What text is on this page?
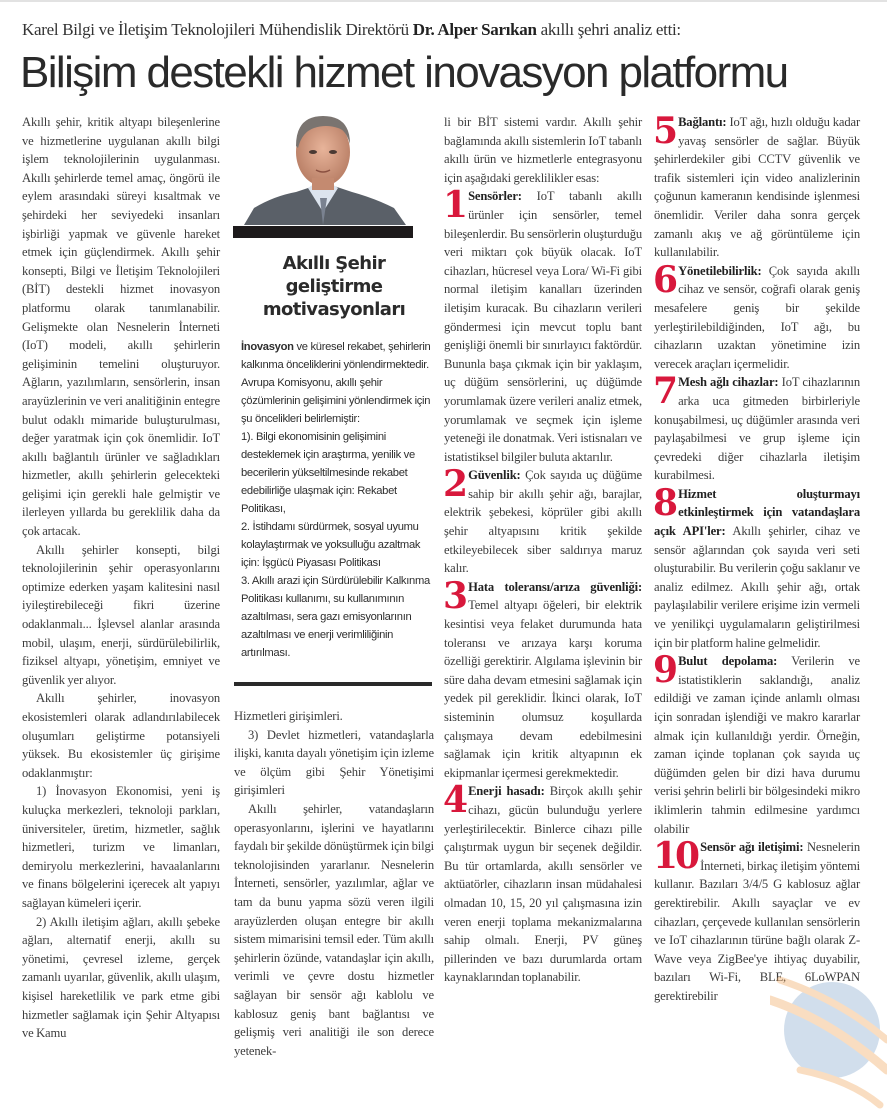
Karel Bilgi ve İletişim Teknolojileri Mühendislik Direktörü Dr. Alper Sarıkan akıllı şehri analiz etti:
Bilişim destekli hizmet inovasyon platformu

Akıllı şehir, kritik altyapı bileşenlerine ve hizmetlerine uygulanan akıllı bilgi işlem teknolojilerinin uygulanması. Akıllı şehirlerde temel amaç, öngörü ile eylem arasındaki süreyi kısaltmak ve şehirdeki her seviyedeki insanları işbirliği yapmak ve güvenle hareket etmek için güçlendirmek. Akıllı şehir konsepti, Bilgi ve İletişim Teknolojileri (BİT) destekli hizmet inovasyon platformu olarak tanımlanabilir. Gelişmekte olan Nesnelerin İnterneti (IoT) modeli, akıllı şehirlerin gelişiminin temelini oluşturuyor. Ağların, yazılımların, sensörlerin, insan arayüzlerinin ve veri analitiğinin entegre bulut odaklı mimaride buluşturulması, değer yaratmak için çok önemlidir. IoT akıllı bağlantılı ürünler ve sağladıkları hizmetler, akıllı şehirlerin gelecekteki gelişimi için gerekli hale gelmiştir ve ilerleyen yıllarda bu gereklilik daha da çok artacak.

Akıllı şehirler konsepti, bilgi teknolojilerinin şehir operasyonlarını optimize ederken yaşam kalitesini nasıl iyileştirebileceği fikri üzerine odaklanmalı... İşlevsel alanlar arasında mobil, ulaşım, enerji, sürdürülebilirlik, fiziksel altyapı, yönetişim, emniyet ve güvenlik yer alıyor.

Akıllı şehirler, inovasyon ekosistemleri olarak adlandırılabilecek oluşumları geliştirme potansiyeli yüksek. Bu ekosistemler üç girişime odaklanmıştır:

1) İnovasyon Ekonomisi, yeni iş kuluçka merkezleri, teknoloji parkları, üniversiteler, üretim, hizmetler, sağlık hizmetleri, turizm ve limanları, demiryolu merkezlerini, havaalanlarını ve finans bölgelerini içerecek alt yapıyı sağlayan kümeleri içerir.

2) Akıllı iletişim ağları, akıllı şebeke ağları, alternatif enerji, akıllı su yönetimi, çevresel izleme, gerçek zamanlı uyarılar, güvenlik, akıllı ulaşım, kişisel hareketlilik ve park etme gibi hizmetler sağlamak için Şehir Altyapısı ve Kamu

Akıllı Şehir
geliştirme
motivasyonları

İnovasyon ve küresel rekabet, şehirlerin kalkınma önceliklerini yönlendirmektedir. Avrupa Komisyonu, akıllı şehir çözümlerinin gelişimini yönlendirmek için şu öncelikleri belirlemiştir:

1). Bilgi ekonomisinin gelişimini desteklemek için araştırma, yenilik ve becerilerin yükseltilmesinde rekabet edebilirliğe ulaşmak için: Rekabet Politikası,

2. İstihdamı sürdürmek, sosyal uyumu kolaylaştırmak ve yoksulluğu azaltmak için: İşgücü Piyasası Politikası

3. Akıllı arazi için Sürdürülebilir Kalkınma Politikası kullanımı, su kullanımının azaltılması, sera gazı emisyonlarının azaltılması ve enerji verimliliğinin artırılması.

Hizmetleri girişimleri.

3) Devlet hizmetleri, vatandaşlarla ilişki, kanıta dayalı yönetişim için izleme ve ölçüm gibi Şehir Yönetişimi girişimleri

Akıllı şehirler, vatandaşların operasyonlarını, işlerini ve hayatlarını faydalı bir şekilde dönüştürmek için bilgi teknolojisinden yararlanır. Nesnelerin İnterneti, sensörler, yazılımlar, ağlar ve tam da bunu yapma sözü veren ilgili arayüzlerden oluşan entegre bir akıllı sistem mimarisini temsil eder. Tüm akıllı şehirlerin özünde, vatandaşlar için akıllı, verimli ve çevre dostu hizmetler sağlayan bir sensör ağı kablolu ve kablosuz geniş bant bağlantısı ve gelişmiş veri analitiği ile son derece yetenek-

li bir BİT sistemi vardır. Akıllı şehir bağlamında akıllı sistemlerin IoT tabanlı akıllı ürün ve hizmetlerle entegrasyonu için aşağıdaki gereklilikler esas:

1 Sensörler: IoT tabanlı akıllı ürünler için sensörler, temel bileşenlerdir. Bu sensörlerin oluşturduğu veri miktarı çok büyük olacak. IoT cihazları, hücresel veya Lora/ Wi-Fi gibi normal iletişim kanalları üzerinden iletişim kuracak. Bu cihazların verileri göndermesi için mevcut toplu bant genişliği önemli bir sınırlayıcı faktördür. Bununla başa çıkmak için bir yaklaşım, uç düğüm sensörlerini, uç düğümde yorumlamak üzere verileri analiz etmek, yorumlamak ve seçmek için işleme yeteneği ile donatmak. Veri istisnaları ve istatistiksel bilgiler buluta aktarılır.
2 Güvenlik: Çok sayıda uç düğüme sahip bir akıllı şehir ağı, barajlar, elektrik şebekesi, köprüler gibi akıllı şehir altyapısını kritik şekilde etkileyebilecek siber saldırıya maruz kalır.
3 Hata toleransı/arıza güvenliği: Temel altyapı öğeleri, bir elektrik kesintisi veya felaket durumunda hata toleransı ve arızaya karşı koruma özelliği gerektirir. Algılama işlevinin bir süre daha devam etmesini sağlamak için yedek pil gereklidir. İkinci olarak, IoT sisteminin olumsuz koşullarda çalışmaya devam edebilmesini sağlamak için kritik altyapının ek ekipmanlar içermesi gerekmektedir.
4 Enerji hasadı: Birçok akıllı şehir cihazı, gücün bulunduğu yerlere yerleştirilecektir. Binlerce cihazı pille çalıştırmak uygun bir seçenek değildir. Bu tür ortamlarda, akıllı sensörler ve aktüatörler, cihazların insan müdahalesi olmadan 10, 15, 20 yıl çalışmasına izin veren enerji toplama mekanizmalarına sahip olmalı. Enerji, PV güneş pillerinden ve bazı durumlarda ortam kaynaklarından toplanabilir.
5 Bağlantı: IoT ağı, hızlı olduğu kadar yavaş sensörler de sağlar. Büyük şehirlerdekiler gibi CCTV güvenlik ve trafik sistemleri için video analizlerinin çoğunun kameranın kendisinde işlenmesi önemlidir. Veriler daha sonra gerçek zamanlı akış ve ağ görüntüleme için kullanılabilir.
6 Yönetilebilirlik: Çok sayıda akıllı cihaz ve sensör, coğrafi olarak geniş mesafelere geniş bir şekilde yerleştirilebildiğinden, IoT ağı, bu cihazların uzaktan yönetimine izin verecek araçları içermelidir.
7 Mesh ağlı cihazlar: IoT cihazlarının arka uca gitmeden birbirleriyle konuşabilmesi, uç düğümler arasında veri paylaşabilmesi ve grup işleme için çevredeki diğer cihazlarla iletişim kurabilmesi.
8 Hizmet oluşturmayı etkinleştirmek için vatandaşlara açık API'ler: Akıllı şehirler, cihaz ve sensör ağlarından çok sayıda veri seti oluşturabilir. Bu verilerin çoğu saklanır ve analiz edilmez. Akıllı şehir ağı, ortak paylaşılabilir verilere erişime izin vermeli ve yenilikçi uygulamaların geliştirilmesi için bir platform haline gelmelidir.
9 Bulut depolama: Verilerin ve istatistiklerin saklandığı, analiz edildiği ve zaman içinde anlamlı olması için sonradan işlendiği ve makro kararlar almak için kullanıldığı yerdir. Örneğin, zaman içinde toplanan çok sayıda uç düğümden gelen bir dizi hava durumu verisi şehrin belirli bir bölgesindeki mikro iklimlerin tahmin edilmesine yardımcı olabilir
10 Sensör ağı iletişimi: Nesnelerin İnterneti, birkaç iletişim yöntemi kullanır. Bazıları 3/4/5 G kablosuz ağlar gerektirebilir. Akıllı sayaçlar ve ev cihazları, çerçevede kullanılan sensörlerin ve IoT cihazlarının türüne bağlı olarak Z-Wave veya ZigBee'ye ihtiyaç duyabilir, bazıları Wi-Fi, BLE, 6LoWPAN gerektirebilir
